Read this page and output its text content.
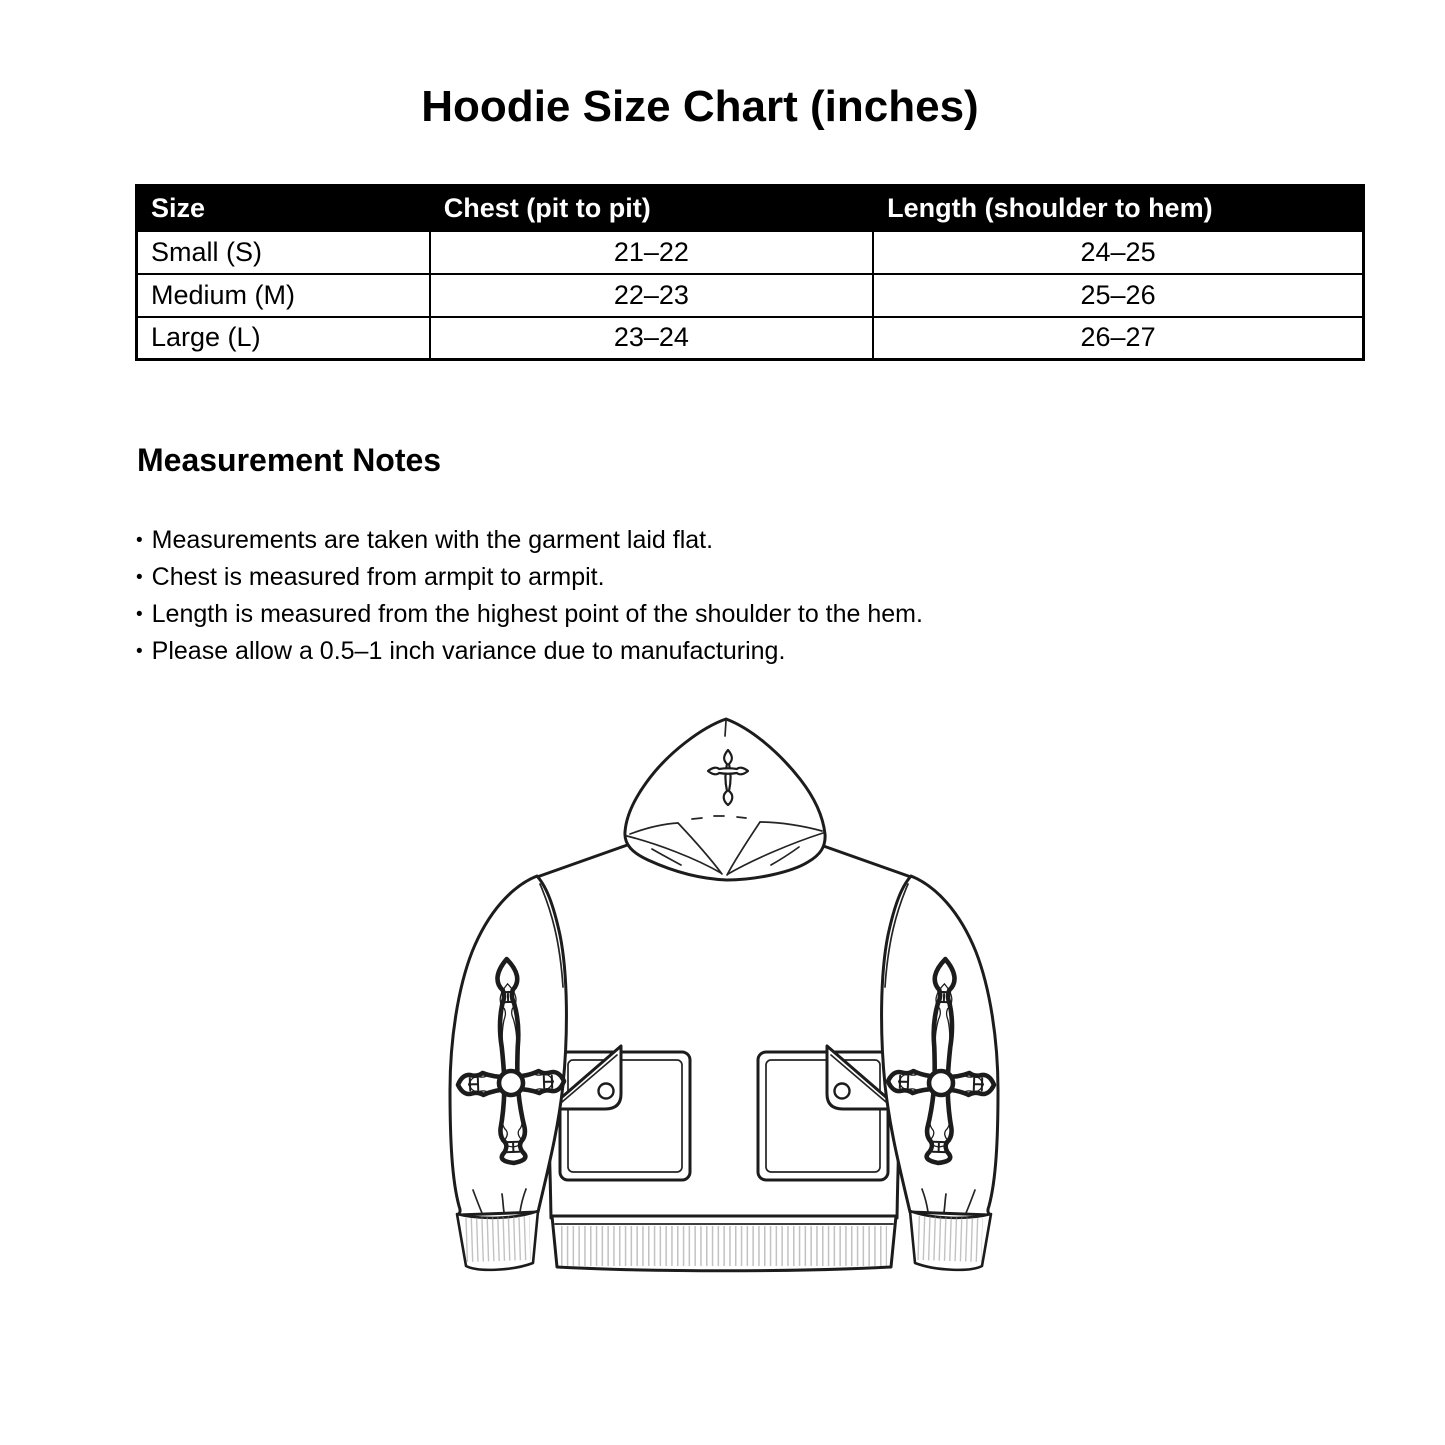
Hoodie Size Chart (inches)
Size	Chest (pit to pit)	Length (shoulder to hem)
Small (S)	21–22	24–25
Medium (M)	22–23	25–26
Large (L)	23–24	26–27
Measurement Notes
• Measurements are taken with the garment laid flat.
• Chest is measured from armpit to armpit.
• Length is measured from the highest point of the shoulder to the hem.
• Please allow a 0.5–1 inch variance due to manufacturing.
